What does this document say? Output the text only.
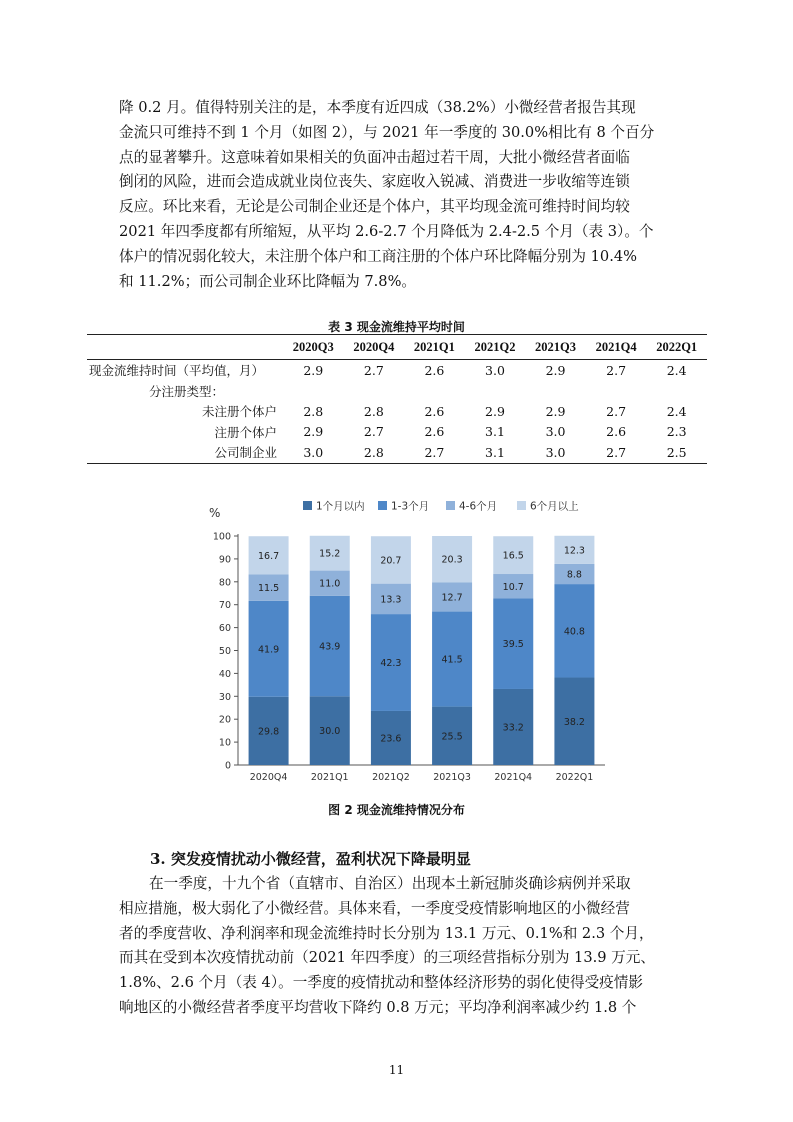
降 0.2 月。值得特别关注的是，本季度有近四成（38.2%）小微经营者报告其现
金流只可维持不到 1 个月（如图 2），与 2021 年一季度的 30.0%相比有 8 个百分
点的显著攀升。这意味着如果相关的负面冲击超过若干周，大批小微经营者面临
倒闭的风险，进而会造成就业岗位丧失、家庭收入锐减、消费进一步收缩等连锁
反应。环比来看，无论是公司制企业还是个体户，其平均现金流可维持时间均较
2021 年四季度都有所缩短，从平均 2.6-2.7 个月降低为 2.4-2.5 个月（表 3）。个
体户的情况弱化较大，未注册个体户和工商注册的个体户环比降幅分别为 10.4%
和 11.2%；而公司制企业环比降幅为 7.8%。
表 3 现金流维持平均时间
	2020Q3	2020Q4	2021Q1	2021Q2	2021Q3	2021Q4	2022Q1
现金流维持时间（平均值，月）	2.9	2.7	2.6	3.0	2.9	2.7	2.4
分注册类型：							
未注册个体户	2.8	2.8	2.6	2.9	2.9	2.7	2.4
注册个体户	2.9	2.7	2.6	3.1	3.0	2.6	2.3
公司制企业	3.0	2.8	2.7	3.1	3.0	2.7	2.5
%
0
10
20
30
40
50
60
70
80
90
100
1个月以内	1-3个月	4-6个月	6个月以上
29.8
41.9
11.5
16.7
2020Q4
30.0
43.9
11.0
15.2
2021Q1
23.6
42.3
13.3
20.7
2021Q2
25.5
41.5
12.7
20.3
2021Q3
33.2
39.5
10.7
16.5
2021Q4
38.2
40.8
8.8
12.3
2022Q1
图 2 现金流维持情况分布

3. 突发疫情扰动小微经营，盈利状况下降最明显

在一季度，十九个省（直辖市、自治区）出现本土新冠肺炎确诊病例并采取
相应措施，极大弱化了小微经营。具体来看，一季度受疫情影响地区的小微经营
者的季度营收、净利润率和现金流维持时长分别为 13.1 万元、0.1%和 2.3 个月，
而其在受到本次疫情扰动前（2021 年四季度）的三项经营指标分别为 13.9 万元、
1.8%、2.6 个月（表 4）。一季度的疫情扰动和整体经济形势的弱化使得受疫情影
响地区的小微经营者季度平均营收下降约 0.8 万元；平均净利润率减少约 1.8 个
11
